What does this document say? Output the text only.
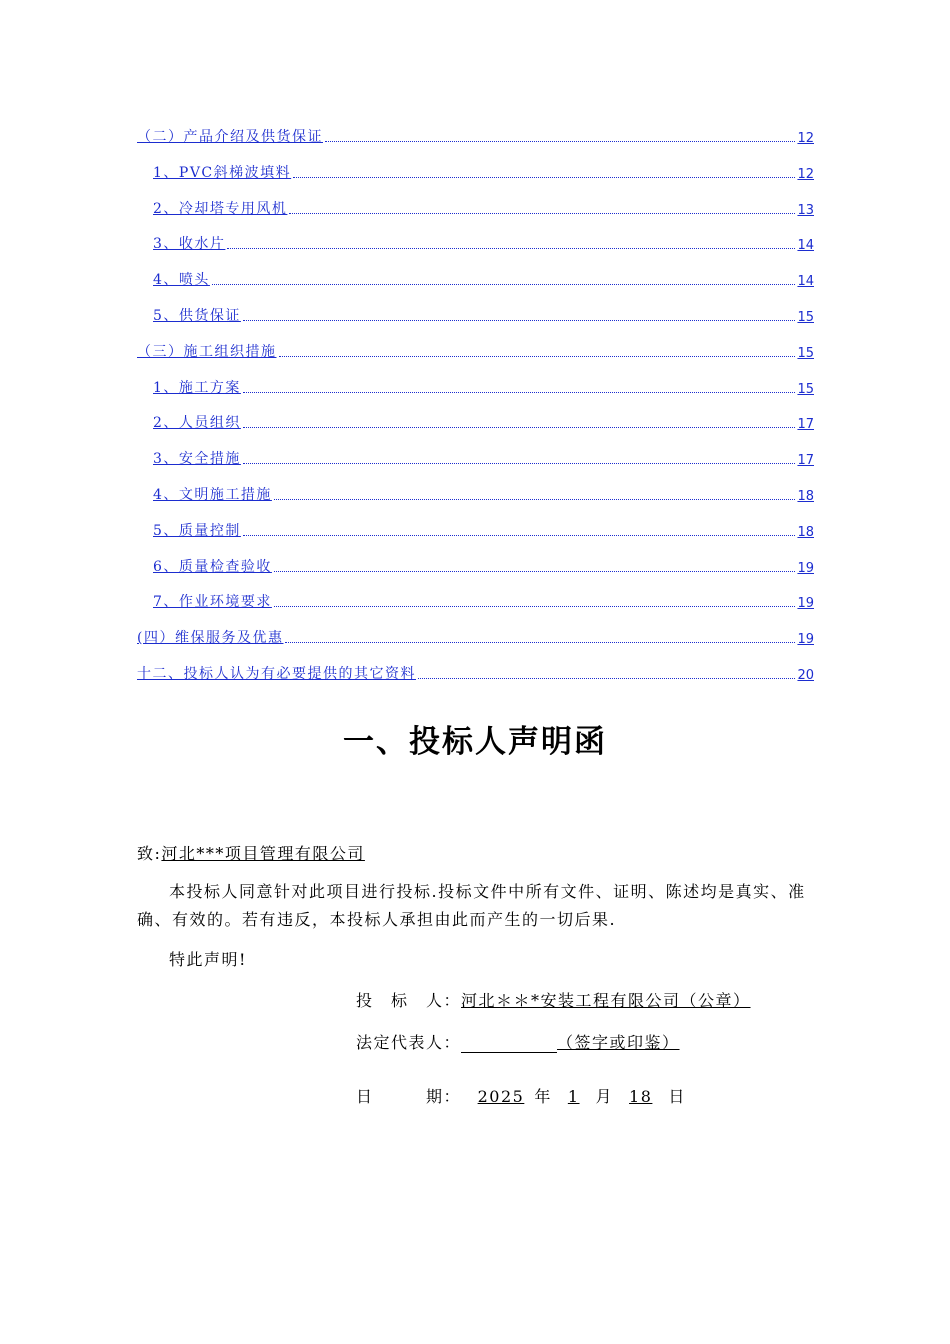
（二）产品介绍及供货保证	12
1、PVC斜梯波填料	12
2、冷却塔专用风机	13
3、收水片	14
4、喷头	14
5、供货保证	15
（三）施工组织措施	15
1、施工方案	15
2、人员组织	17
3、安全措施	17
4、文明施工措施	18
5、质量控制	18
6、质量检查验收	19
7、作业环境要求	19
(四）维保服务及优惠	19
十二、投标人认为有必要提供的其它资料	20
一、投标人声明函
致:河北***项目管理有限公司
本投标人同意针对此项目进行投标.投标文件中所有文件、证明、陈述均是真实、准确、有效的。若有违反，本投标人承担由此而产生的一切后果.
特此声明!
投　标　人：河北＊＊*安装工程有限公司（公章）
法定代表人：	（签字或印鉴）
日　　　期： 2025 年 1 月 18 日
